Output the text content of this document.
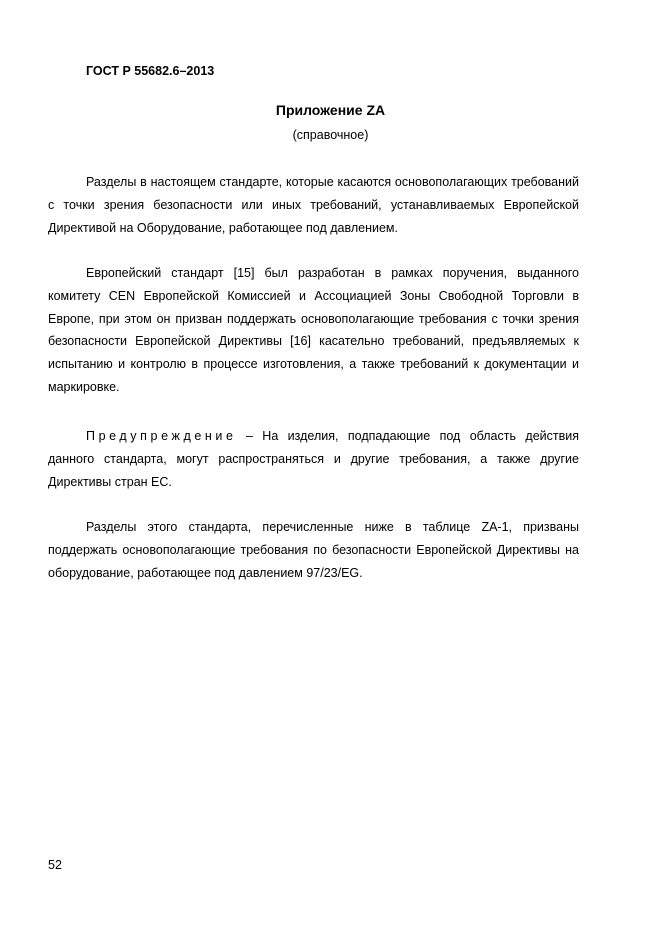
ГОСТ Р 55682.6–2013

Приложение ZA

(справочное)

Разделы в настоящем стандарте, которые касаются основополагающих требований с точки зрения безопасности или иных требований, устанавливаемых Европейской Директивой на Оборудование, работающее под давлением.

Европейский стандарт [15] был разработан в рамках поручения, выданного комитету CEN Европейской Комиссией и Ассоциацией Зоны Свободной Торговли в Европе, при этом он призван поддержать основополагающие требования с точки зрения безопасности Европейской Директивы [16] касательно требований, предъявляемых к испытанию и контролю в процессе изготовления, а также требований к документации и маркировке.

Предупреждение – На изделия, подпадающие под область действия данного стандарта, могут распространяться и другие требования, а также другие Директивы стран ЕС.

Разделы этого стандарта, перечисленные ниже в таблице ZA-1, призваны поддержать основополагающие требования по безопасности Европейской Директивы на оборудование, работающее под давлением 97/23/EG.

52
